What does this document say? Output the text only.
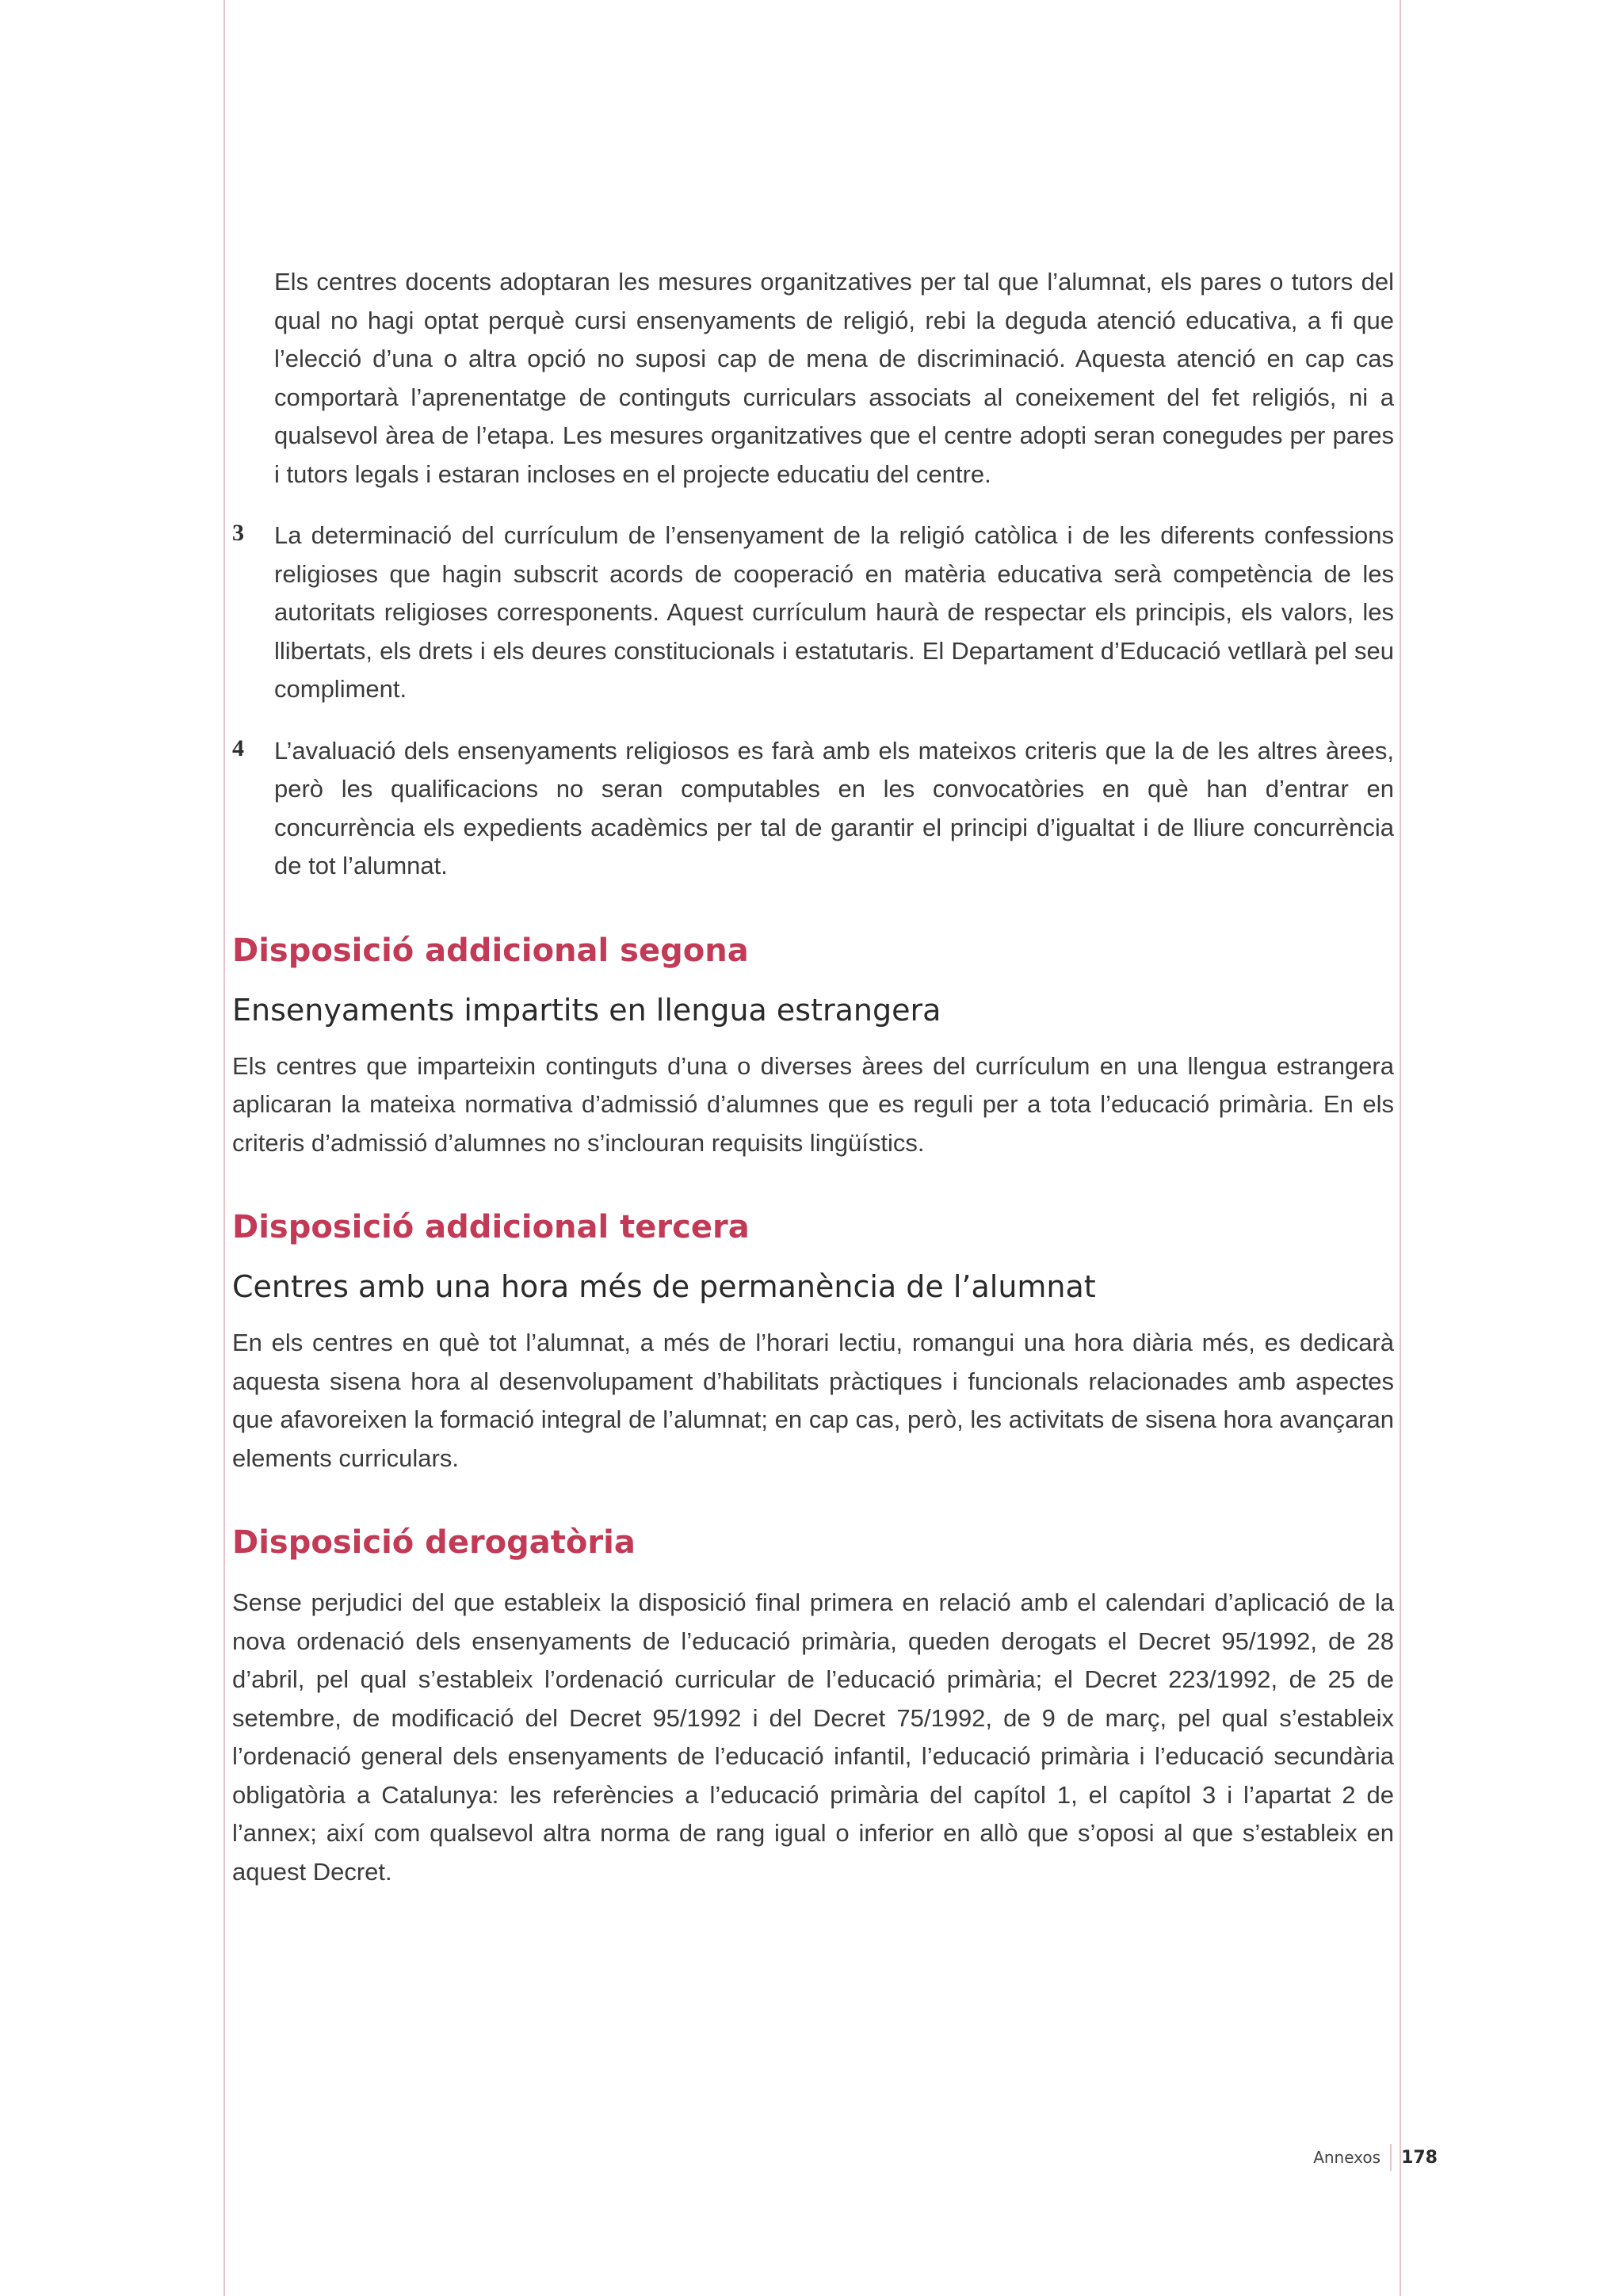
Els centres docents adoptaran les mesures organitzatives per tal que l’alumnat, els pares o tutors del qual no hagi optat perquè cursi ensenyaments de religió, rebi la deguda atenció educativa, a fi que l’elecció d’una o altra opció no suposi cap de mena de discriminació. Aquesta atenció en cap cas comportarà l’aprenentatge de continguts curriculars associats al coneixement del fet religiós, ni a qualsevol àrea de l’etapa. Les mesures organitzatives que el centre adopti seran conegudes per pares i tutors legals i estaran incloses en el projecte educatiu del centre.

3 La determinació del currículum de l’ensenyament de la religió catòlica i de les diferents confessions religioses que hagin subscrit acords de cooperació en matèria educativa serà competència de les autoritats religioses corresponents. Aquest currículum haurà de respectar els principis, els valors, les llibertats, els drets i els deures constitucionals i estatutaris. El Departament d’Educació vetllarà pel seu compliment.

4 L’avaluació dels ensenyaments religiosos es farà amb els mateixos criteris que la de les altres àrees, però les qualificacions no seran computables en les convocatòries en què han d’entrar en concurrència els expedients acadèmics per tal de garantir el principi d’igualtat i de lliure concurrència de tot l’alumnat.

Disposició addicional segona
Ensenyaments impartits en llengua estrangera

Els centres que imparteixin continguts d’una o diverses àrees del currículum en una llengua estrangera aplicaran la mateixa normativa d’admissió d’alumnes que es reguli per a tota l’educació primària. En els criteris d’admissió d’alumnes no s’inclouran requisits lingüístics.

Disposició addicional tercera
Centres amb una hora més de permanència de l’alumnat

En els centres en què tot l’alumnat, a més de l’horari lectiu, romangui una hora diària més, es dedicarà aquesta sisena hora al desenvolupament d’habilitats pràctiques i funcionals relacionades amb aspectes que afavoreixen la formació integral de l’alumnat; en cap cas, però, les activitats de sisena hora avançaran elements curriculars.

Disposició derogatòria

Sense perjudici del que estableix la disposició final primera en relació amb el calendari d’aplicació de la nova ordenació dels ensenyaments de l’educació primària, queden derogats el Decret 95/1992, de 28 d’abril, pel qual s’estableix l’ordenació curricular de l’educació primària; el Decret 223/1992, de 25 de setembre, de modificació del Decret 95/1992 i del Decret 75/1992, de 9 de març, pel qual s’estableix l’ordenació general dels ensenyaments de l’educació infantil, l’educació primària i l’educació secundària obligatòria a Catalunya: les referències a l’educació primària del capítol 1, el capítol 3 i l’apartat 2 de l’annex; així com qualsevol altra norma de rang igual o inferior en allò que s’oposi al que s’estableix en aquest Decret.

Annexos 178
